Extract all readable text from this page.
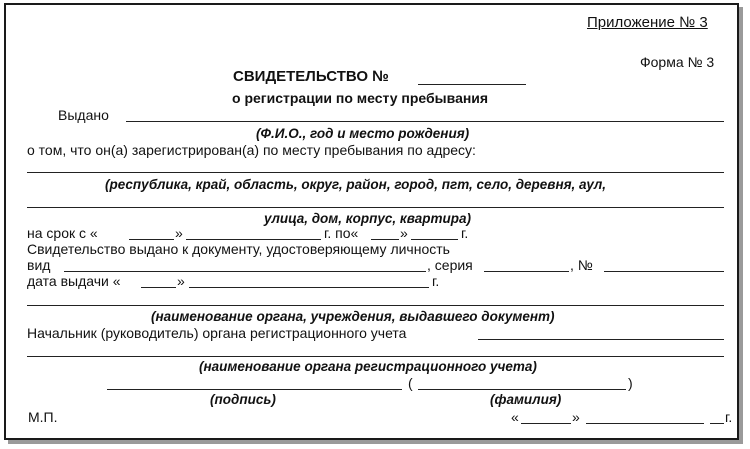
Приложение № 3
Форма № 3
СВИДЕТЕЛЬСТВО №
о регистрации по месту пребывания
Выдано
(Ф.И.О., год и место рождения)
о том, что он(а) зарегистрирован(а) по месту пребывания по адресу:
(республика, край, область, округ, район, город, пгт, село, деревня, аул,
улица, дом, корпус, квартира)
на срок с «	»	г. по«	»	г.
Свидетельство выдано к документу, удостоверяющему личность
вид	, серия	, №
дата выдачи «	»	г.
(наименование органа, учреждения, выдавшего документ)
Начальник (руководитель) органа регистрационного учета
(наименование органа регистрационного учета)
(	)
(подпись)	(фамилия)
М.П.	«	»	г.
